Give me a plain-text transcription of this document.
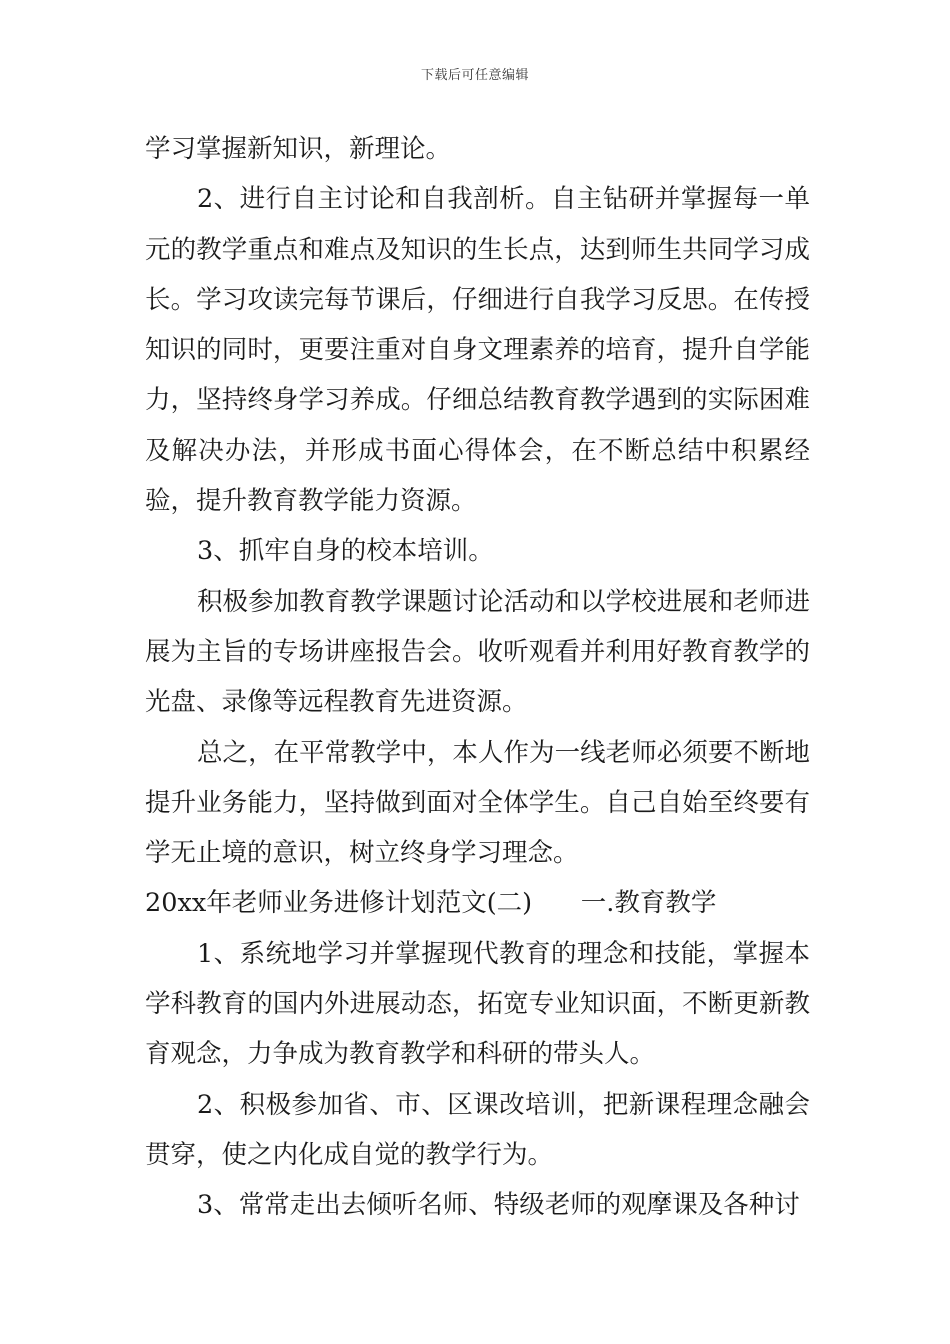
下载后可任意编辑

学习掌握新知识，新理论。

2、进行自主讨论和自我剖析。自主钻研并掌握每一单元的教学重点和难点及知识的生长点，达到师生共同学习成长。学习攻读完每节课后，仔细进行自我学习反思。在传授知识的同时，更要注重对自身文理素养的培育，提升自学能力，坚持终身学习养成。仔细总结教育教学遇到的实际困难及解决办法，并形成书面心得体会，在不断总结中积累经验，提升教育教学能力资源。

3、抓牢自身的校本培训。

积极参加教育教学课题讨论活动和以学校进展和老师进展为主旨的专场讲座报告会。收听观看并利用好教育教学的光盘、录像等远程教育先进资源。

总之，在平常教学中，本人作为一线老师必须要不断地提升业务能力，坚持做到面对全体学生。自己自始至终要有学无止境的意识，树立终身学习理念。

20xx年老师业务进修计划范文(二)      一.教育教学

1、系统地学习并掌握现代教育的理念和技能，掌握本学科教育的国内外进展动态，拓宽专业知识面，不断更新教育观念，力争成为教育教学和科研的带头人。

2、积极参加省、市、区课改培训，把新课程理念融会贯穿，使之内化成自觉的教学行为。

3、常常走出去倾听名师、特级老师的观摩课及各种讨
